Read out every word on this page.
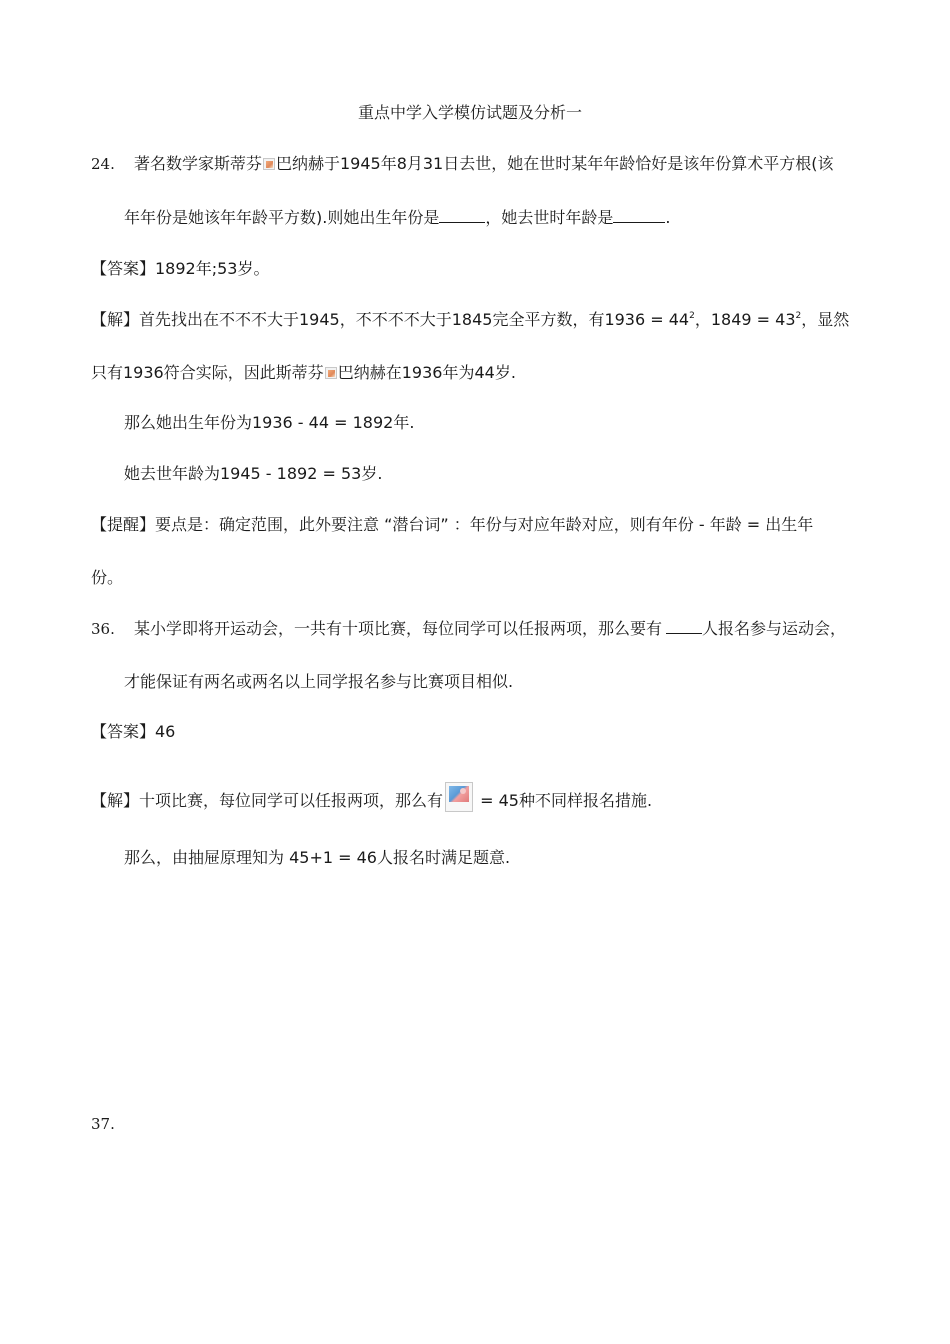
重点中学入学模仿试题及分析一
24. 著名数学家斯蒂芬 巴纳赫于1945年8月31日去世，她在世时某年年龄恰好是该年份算术平方根(该
年年份是她该年年龄平方数).则她出生年份是	，她去世时年龄是	.
【答案】1892年;53岁。
【解】首先找出在不不不大于1945，不不不不大于1845完全平方数，有$1936 = 44^2$，$1849 = 43^2$，显然
只有1936符合实际，因此斯蒂芬 巴纳赫在1936年为44岁.
那么她出生年份为1936 - 44 = 1892年.
她去世年龄为1945 - 1892 = 53岁.
【提醒】要点是：确定范围，此外要注意 “潜台词” ：年份与对应年龄对应，则有年份 - 年龄 = 出生年
份。
36. 某小学即将开运动会，一共有十项比赛，每位同学可以任报两项，那么要有	人报名参与运动会，
才能保证有两名或两名以上同学报名参与比赛项目相似.
【答案】46
【解】十项比赛，每位同学可以任报两项，那么有 = 45种不同样报名措施.
那么，由抽屉原理知为 45+1 = 46人报名时满足题意.
37.
